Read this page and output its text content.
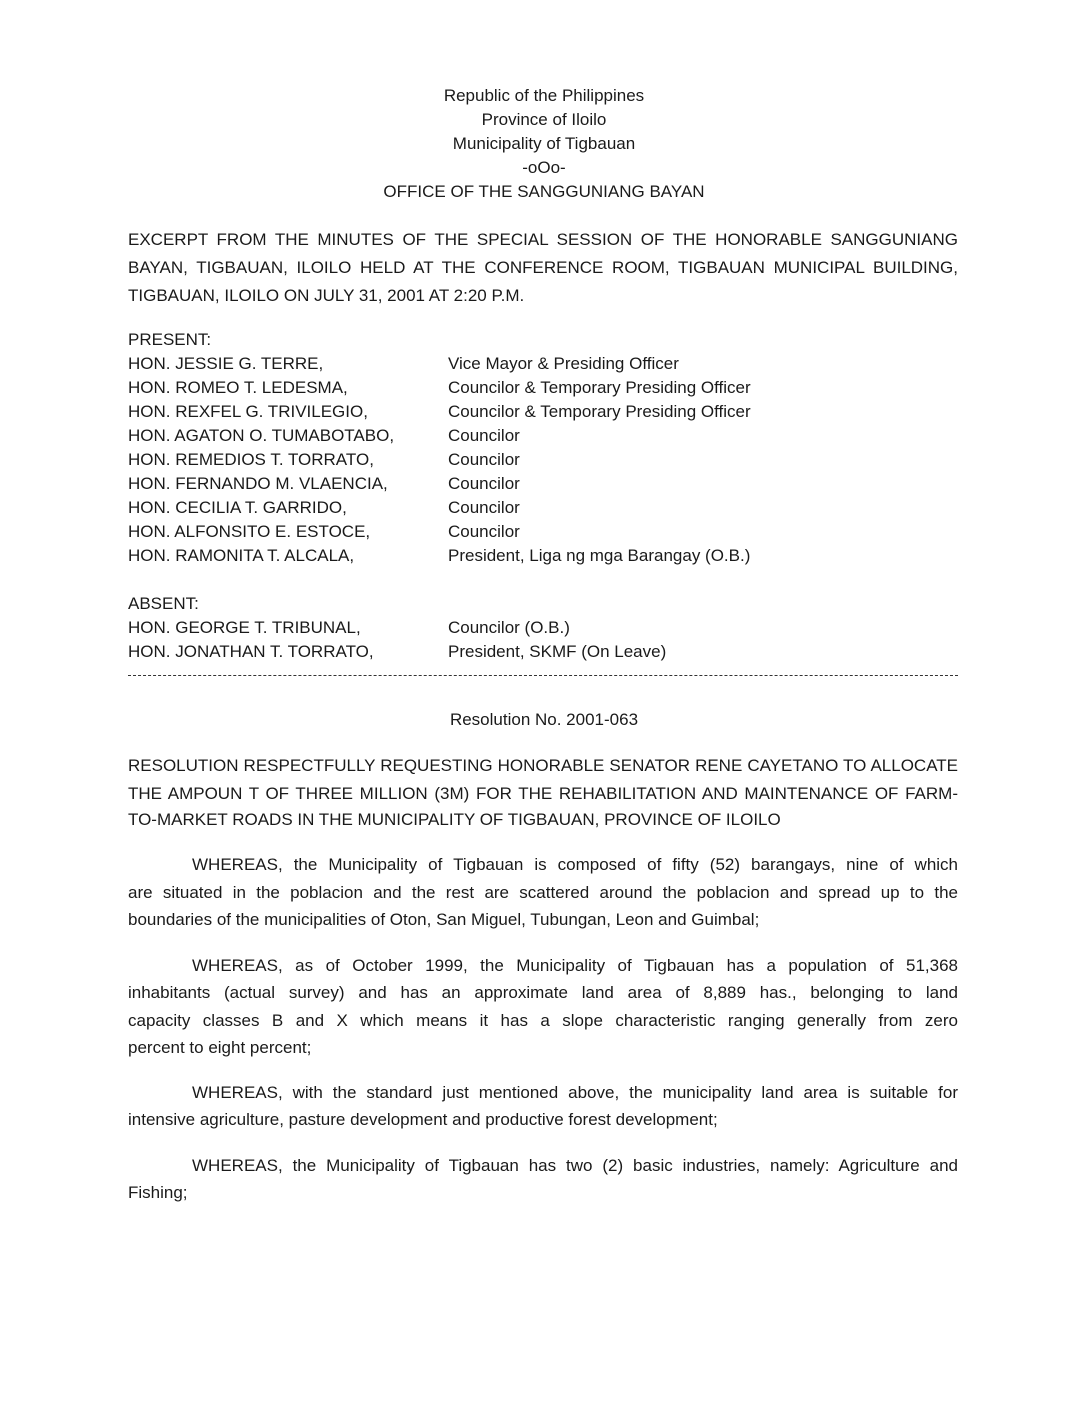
Republic of the Philippines
Province of Iloilo
Municipality of Tigbauan
-oOo-
OFFICE OF THE SANGGUNIANG BAYAN
EXCERPT FROM THE MINUTES OF THE SPECIAL SESSION OF THE HONORABLE SANGGUNIANG
BAYAN, TIGBAUAN, ILOILO HELD AT THE CONFERENCE ROOM, TIGBAUAN MUNICIPAL BUILDING,
TIGBAUAN, ILOILO ON JULY 31, 2001 AT 2:20 P.M.
PRESENT:
HON. JESSIE G. TERRE,	Vice Mayor & Presiding Officer
HON. ROMEO T. LEDESMA,	Councilor & Temporary Presiding Officer
HON. REXFEL G. TRIVILEGIO,	Councilor & Temporary Presiding Officer
HON. AGATON O. TUMABOTABO,	Councilor
HON. REMEDIOS T. TORRATO,	Councilor
HON. FERNANDO M. VLAENCIA,	Councilor
HON. CECILIA T. GARRIDO,	Councilor
HON. ALFONSITO E. ESTOCE,	Councilor
HON. RAMONITA T. ALCALA,	President, Liga ng mga Barangay (O.B.)
ABSENT:
HON. GEORGE T. TRIBUNAL,	Councilor (O.B.)
HON. JONATHAN T. TORRATO,	President, SKMF (On Leave)
Resolution No. 2001-063
RESOLUTION RESPECTFULLY REQUESTING HONORABLE SENATOR RENE CAYETANO TO ALLOCATE
THE AMPOUN T OF THREE MILLION (3M) FOR THE REHABILITATION AND MAINTENANCE OF FARM-
TO-MARKET ROADS IN THE MUNICIPALITY OF TIGBAUAN, PROVINCE OF ILOILO
WHEREAS, the Municipality of Tigbauan is composed of fifty (52) barangays, nine of which
are situated in the poblacion and the rest are scattered around the poblacion and spread up to the
boundaries of the municipalities of Oton, San Miguel, Tubungan, Leon and Guimbal;
WHEREAS, as of October 1999, the Municipality of Tigbauan has a population of 51,368
inhabitants (actual survey) and has an approximate land area of 8,889 has., belonging to land
capacity classes B and X which means it has a slope characteristic ranging generally from zero
percent to eight percent;
WHEREAS, with the standard just mentioned above, the municipality land area is suitable for
intensive agriculture, pasture development and productive forest development;
WHEREAS, the Municipality of Tigbauan has two (2) basic industries, namely: Agriculture and
Fishing;
